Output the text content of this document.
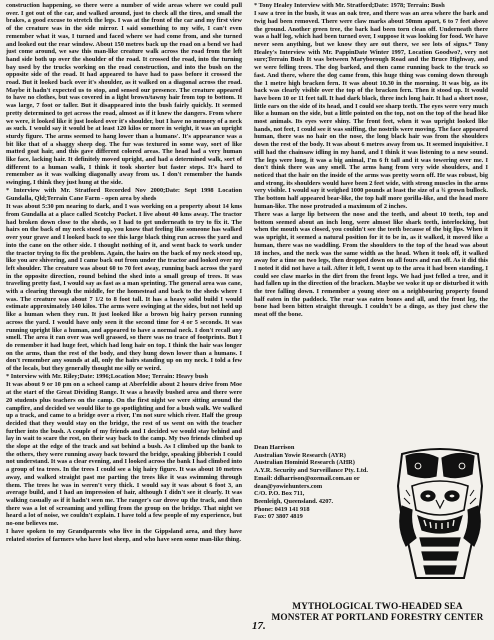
construction happening, so there were a number of wide areas where we could pull over. I got out of the car, and walked around, just to check all the tires, and small the brakes, a good excuse to stretch the legs. I was at the front of the car and my first view of the creature was in the side mirror. I said something to my wife, I can't even remember what it was, I turned and faced where we had come from, and she turned and looked out the rear window. About 150 metres back up the road on a bend we had just come around, we saw this man-like creature walk across the road from the left hand side both up over the shoulder of the road. It crossed the road, into the turning bay used by the trucks working on the road construction, and into the bush on the opposite side of the road. It had appeared to have had to pass before it crossed the road. But it looked back over it's shoulder, as it walked on a diagonal across the road. Maybe it hadn't expected us to stop, and sensed our presence. The creature appeared to have no clothes, but was covered in a light brown/tawny hair from top to bottom. It was large, 7 foot or taller. But it disappeared into the bush fairly quickly. It seemed pretty determined to get across the road, almost as if it knew the dangers. From where we were, it looked like it just looked over it's shoulder, but I have no memory of a neck as such. I would say it would be at least 120 kilos or more in weight, it was an upright sturdy figure. The arms seemed to hang lower than a humans'. It's appearance was a bit like that of a shaggy sheep dog. The fur was textured in some way, sort of like matted goat hair, and this gave different colored areas. The head had a very human like face, lacking hair. It definitely moved upright, and had a determined walk, sort of different to a human walk, I think it took shorter but faster steps. It's hard to remember as it was walking diagonally away from us. I don't remember the hands swinging, I think they just hung at the side.

* Interview with Mr. Stratford Recorded Nov 2000;Date: Sept 1998 Location Gundalla, Qld;Terrain Cane Farm - open area by sheds

It was about 5:30 pm nearing to dark, and I was working on a property about 14 kms from Gundalla at a place called Scotchy Pocket. I live about 40 kms away. The tractor had broken down close to the sheds, so I had to get underneath to try to fix it. The hairs on the back of my neck stood up, you know that feeling like someone has walked over your grave and I looked back to see this large black thing run across the yard and into the cane on the other side. I thought nothing of it, and went back to work under the tractor trying to fix the problem. Again, the hairs on the back of my neck stood up, like you are shivering, and I came back out from under the tractor and looked over my left shoulder. The creature was about 60 to 70 feet away, running back across the yard in the opposite direction, round behind the shed into a small group of trees. It was traveling pretty fast, I would say as fast as a man sprinting. The general area was cane, with a clearing through the middle, for the homestead and back to the sheds where I was. The creature was about 7 1/2 to 8 foot tall. It has a heavy solid build I would estimate approximately 140 kilos. The arms were swinging at the sides, but not held up like a human when they run. It just looked like a brown big hairy person running across the yard. I would have only seen it the second time for 4 or 5 seconds. It was running upright like a human, and appeared to have a normal neck. I don't recall any smell. The area it ran over was well grassed, so there was no trace of footprints. But I do remember it had huge feet, which had long hair on top. I think the hair was longer on the arms, than the rest of the body, and they hung down lower than a humans. I don't remember any sounds at all, only the hairs standing up on my neck. I told a few of the locals, but they generally thought me silly or weird.

* Interview with Mr. Riley;Date: 1996;Location Moe; Terrain: Heavy bush

It was about 9 or 10 pm on a school camp at Aberfeldie about 2 hours drive from Moe at the start of the Great Dividing Range. It was a heavily bushed area and there were 20 students plus teachers on the camp. On the first night we were sitting around the campfire, and decided we would like to go spotlighting and for a bush walk. We walked up a track, and came to a bridge over a river, I'm not sure which river. Half the group decided that they would stay on the bridge, the rest of us went on with the teacher further into the bush. A couple of my friends and I decided we would stay behind and lay in wait to scare the rest, on their way back to the camp. My two friends climbed up the slope at the edge of the track and sat behind a bush. As I climbed up the bank to the others, they were running away back toward the bridge, speaking jibberish I could not understand. It was a clear evening, and I looked across the bank I had climbed into a group of tea trees. In the trees I could see a big hairy figure. It was about 10 metres away, and walked straight past me parting the trees like it was swimming through them. The trees he was in weren't very thick. I would say it was about 6 foot 3, an average build, and I had an impression of hair, although I didn't see it clearly. It was walking casually as if it hadn't seen me. The ranger's car drove up the track, and then there was a lot of screaming and yelling from the group on the bridge. That night we heard a lot of noise, we couldn't explain. I have told a few people of my experience, but no-one believes me.

I have spoken to my Grandparents who live in the Gippsland area, and they have related stories of farmers who have lost sheep, and who have seen some man-like thing.

* Tony Healey Interview with Mr. Stratford;Date: 1978; Terrain: Bush

I saw a tree in the bush, it was an oak tree, and there was an area where the bark and twig had been removed. There were claw marks about 50mm apart, 6 to 7 feet above the ground. Another green tree, the bark had been torn clean off. Underneath there was a half log, which had been turned over, I suppose it was looking for food. We have never seen anything, but we know they are out there, we see lots of signs.* Tony Healey's Interview with Mr. PappinDate Winter 1997, Location Goodwo?, very not sure;Terrain Bush It was between Maryborough Road and the Bruce Highway, and we were felling trees. The dog barked, and then came running back to the truck so fast. And there, where the dog came from, this huge thing was coming down through the 1 metre high bracken fern. It was about 10.30 in the morning. It was big, as its back was clearly visible over the top of the bracken fern. Then it stood up. It would have been 10 or 11 feet tall. It had dark black, three inch long hair. It had a short nose, little ears on the side of its head, and I could see sharp teeth. The eyes were very much like a human on the side, but a little pointed on the top, not on the top of the head like most animals. Its eyes were shiny. The front feet, when it was upright looked like hands, not feet, I could see it was sniffing, the nostrils were moving. The face appeared human, there was no hair on the nose, the long black hair was from the shoulders down the rest of the body. It was about 6 metres away from us. It seemed inquisitive. I still had the chainsaw idling in my hand, and I think it was listening to a new sound. The legs were long, it was a big animal, I'm 6 ft tall and it was towering over me. I don't think there was any smell. The arms hang from very wide shoulders, and I noticed that the hair on the inside of the arms was pretty worn off. He was robust, big and strong, its shoulders would have been 2 feet wide, with strong muscles in the arms very visible. I would say it weighed 1000 pounds at least the size of a ¾ grown bullock. The bottom half appeared bear-like, the top half more gorilla-like, and the head more human-like. The nose protruded a maximum of 2 inches.

There was a large lip between the nose and the teeth, and about 10 teeth, top and bottom seemed about an inch long, were almost like shark teeth, interlocking, but when the mouth was closed, you couldn't see the teeth because of the big lips. When it was upright, it seemed a natural position for it to be in, as it walked, it moved like a human, there was no waddling. From the shoulders to the top of the head was about 18 inches, and the neck was the same width as the head. When it took off, it walked away for a time on two legs, then dropped down on all fours and ran off. As it did this I noted it did not have a tail. After it left, I went up to the area it had been standing, I could see claw marks in the dirt from the front legs. We had just felled a tree, and it had fallen up in the direction of the bracken. Maybe we woke it up or disturbed it with the tree falling down. I remember a young steer on a neighbouring property found half eaten in the paddock. The rear was eaten bones and all, and the front leg, the bone had been bitten straight through. I couldn't be a dingo, as they just chew the meat off the bone.

Dean Harrison
Australian Yowie Research (AYR)
Australian Hominid Research (AHR)
A.Y.R. Security and Surveillance Pty. Ltd.
Email: ddharrison@ozemail.com.au or
dean@yowiehunters.com
C/O. P.O. Box 711,
Beenleigh, Queensland. 4207.
Phone: 0419 141 918
Fax: 07 3807 4819
17.
MYTHOLOGICAL TWO-HEADED SEA
MONSTER AT PORTLAND FORESTRY CENTER
